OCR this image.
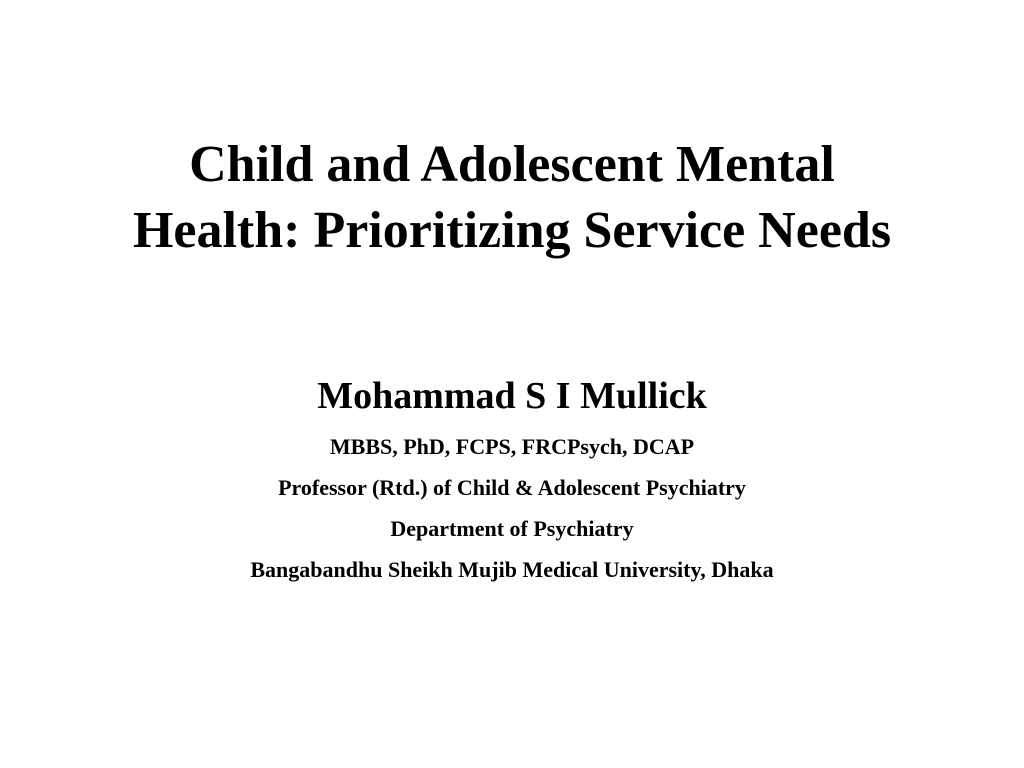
Child and Adolescent Mental
Health: Prioritizing Service Needs

Mohammad S I Mullick

MBBS, PhD, FCPS, FRCPsych, DCAP

Professor (Rtd.) of Child & Adolescent Psychiatry

Department of Psychiatry

Bangabandhu Sheikh Mujib Medical University, Dhaka
